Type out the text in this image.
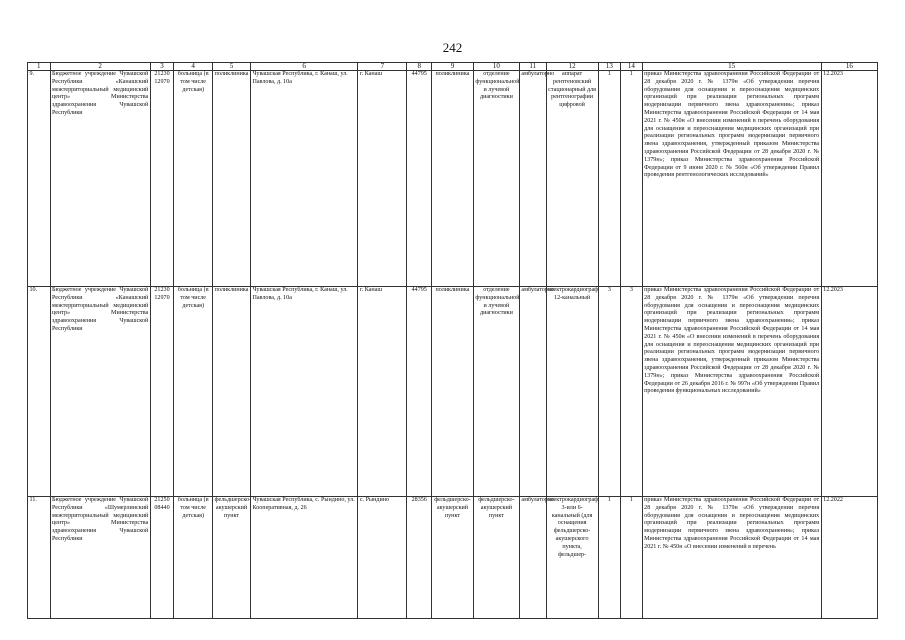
242
1	2	3	4	5	6	7	8	9	10	11	12	13	14	15	16
9.	Бюджетное учреждение Чувашской Республики «Канашский межтерриториальный медицинский центр» Министерства здравоохранения Чувашской Республики	21230 12970	больница (в том числе детская)	поликлиника	Чувашская Республика, г. Канаш, ул. Павлова, д. 10а	г. Канаш	44795	поликлиника	отделение функциональной и лучевой диагностики	амбулаторно	аппарат рентгеновский стационарный для рентгенографии цифровой	1	1	приказ Министерства здравоохранения Российской Федерации от 28 декабря 2020 г. № 1379н «Об утверждении перечня оборудования для оснащения и переоснащения медицинских организаций при реализации региональных программ модернизации первичного звена здравоохранения»; приказ Министерства здравоохранения Российской Федерации от 14 мая 2021 г. № 450н «О внесении изменений в перечень оборудования для оснащения и переоснащения медицинских организаций при реализации региональных программ модернизации первичного звена здравоохранения, утвержденный приказом Министерства здравоохранения Российской Федерации от 28 декабря 2020 г. № 1379н»; приказ Министерства здравоохранения Российской Федерации от 9 июня 2020 г. № 560н «Об утверждении Правил проведения рентгенологических исследований»	12.2023
10.	Бюджетное учреждение Чувашской Республики «Канашский межтерриториальный медицинский центр» Министерства здравоохранения Чувашской Республики	21230 12970	больница (в том числе детская)	поликлиника	Чувашская Республика, г. Канаш, ул. Павлова, д. 10а	г. Канаш	44795	поликлиника	отделение функциональной и лучевой диагностики	амбулаторно	электрокардиограф 12-канальный	3	3	приказ Министерства здравоохранения Российской Федерации от 28 декабря 2020 г. № 1379н «Об утверждении перечня оборудования для оснащения и переоснащения медицинских организаций при реализации региональных программ модернизации первичного звена здравоохранения»; приказ Министерства здравоохранения Российской Федерации от 14 мая 2021 г. № 450н «О внесении изменений в перечень оборудования для оснащения и переоснащения медицинских организаций при реализации региональных программ модернизации первичного звена здравоохранения, утвержденный приказом Министерства здравоохранения Российской Федерации от 28 декабря 2020 г. № 1379н»; приказ Министерства здравоохранения Российской Федерации от 26 декабря 2016 г. № 997н «Об утверждении Правил проведения функциональных исследований»	12.2023
11.	Бюджетное учреждение Чувашской Республики «Шумерлинский межтерриториальный медицинский центр» Министерства здравоохранения Чувашской Республики	21250 08440	больница (в том числе детская)	фельдшерско-акушерский пункт	Чувашская Республика, с. Рындино, ул. Кооперативная, д. 26	с. Рындино	28356	фельдшерско-акушерский пункт	фельдшерско-акушерский пункт	амбулаторно	электрокардиограф 3-или 6-канальный (для оснащения фельдшерско-акушерского пункта, фельдшер-	1	1	приказ Министерства здравоохранения Российской Федерации от 28 декабря 2020 г. № 1379н «Об утверждении перечня оборудования для оснащения и переоснащения медицинских организаций при реализации региональных программ модернизации первичного звена здравоохранения»; приказ Министерства здравоохранения Российской Федерации от 14 мая 2021 г. № 450н «О внесении изменений в перечень	12.2022
